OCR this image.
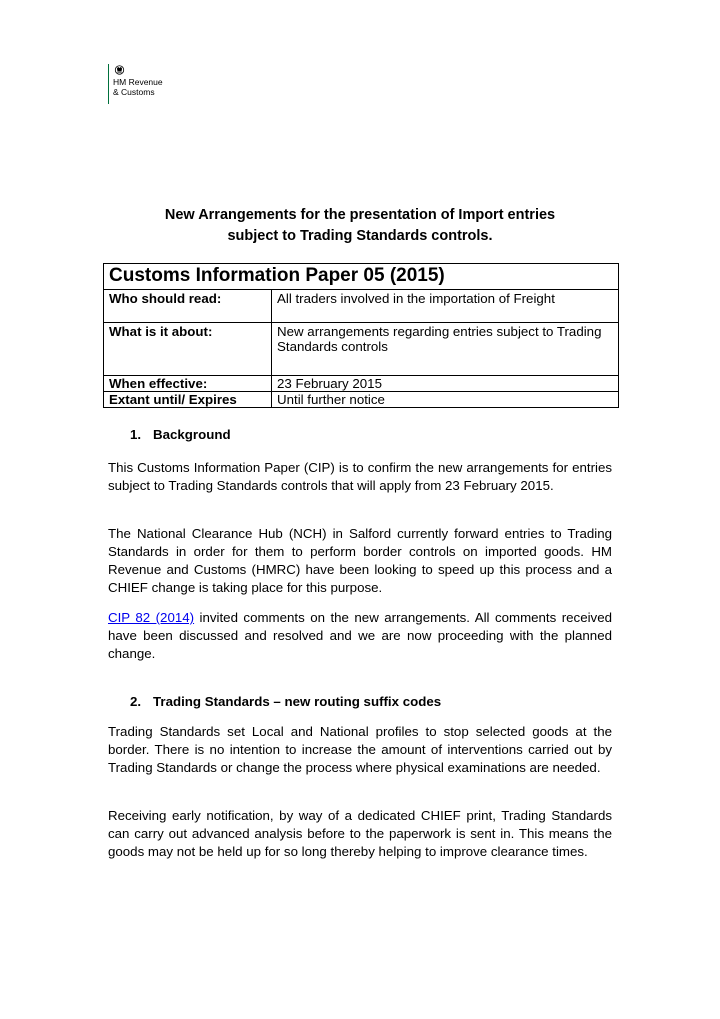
HM Revenue
& Customs
New Arrangements for the presentation of Import entries
subject to Trading Standards controls.
Customs Information Paper 05 (2015)	
Who should read:	All traders involved in the importation of Freight
What is it about:	New arrangements regarding entries subject to Trading Standards controls
When effective:	23 February 2015
Extant until/ Expires	Until further notice
1. Background

This Customs Information Paper (CIP) is to confirm the new arrangements for entries subject to Trading Standards controls that will apply from 23 February 2015.

The National Clearance Hub (NCH) in Salford currently forward entries to Trading Standards in order for them to perform border controls on imported goods. HM Revenue and Customs (HMRC) have been looking to speed up this process and a CHIEF change is taking place for this purpose.

CIP 82 (2014) invited comments on the new arrangements. All comments received have been discussed and resolved and we are now proceeding with the planned change.

2. Trading Standards – new routing suffix codes

Trading Standards set Local and National profiles to stop selected goods at the border. There is no intention to increase the amount of interventions carried out by Trading Standards or change the process where physical examinations are needed.

Receiving early notification, by way of a dedicated CHIEF print, Trading Standards can carry out advanced analysis before to the paperwork is sent in. This means the goods may not be held up for so long thereby helping to improve clearance times.
